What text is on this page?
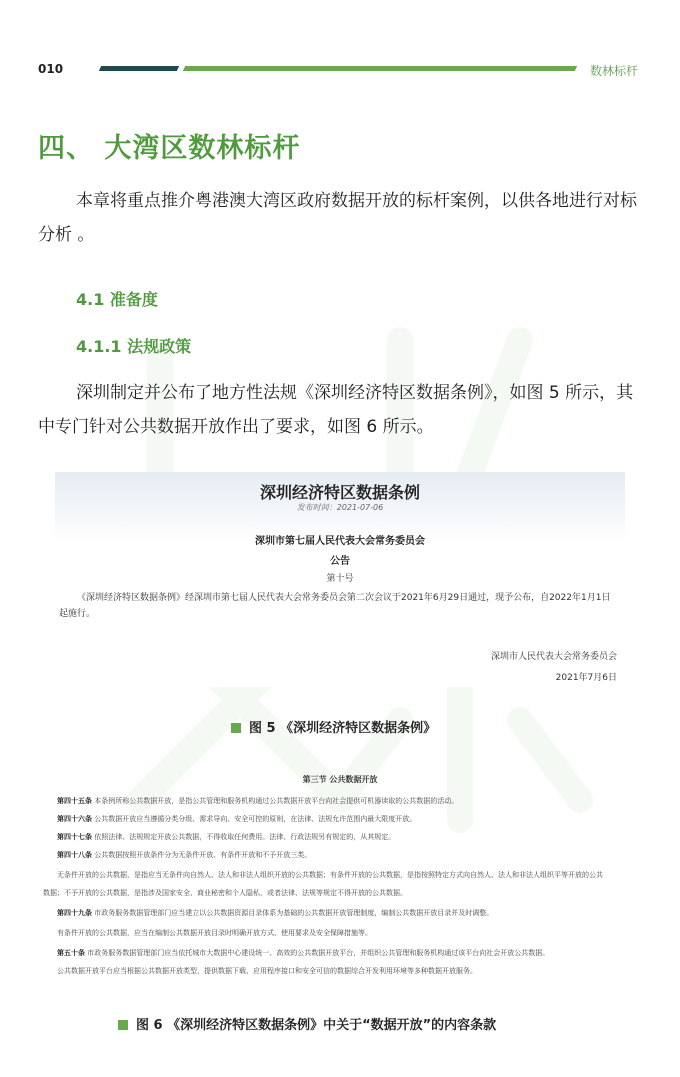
010	数林标杆
四、 大湾区数林标杆
本章将重点推介粤港澳大湾区政府数据开放的标杆案例，以供各地进行对标分析 。
4.1 准备度
4.1.1 法规政策
深圳制定并公布了地方性法规《深圳经济特区数据条例》，如图 5 所示，其中专门针对公共数据开放作出了要求，如图 6 所示。
深圳经济特区数据条例
发布时间：2021-07-06
深圳市第七届人民代表大会常务委员会
公告
第十号
《深圳经济特区数据条例》经深圳市第七届人民代表大会常务委员会第二次会议于2021年6月29日通过，现予公布，自2022年1月1日起施行。
深圳市人民代表大会常务委员会
2021年7月6日
图 5 《深圳经济特区数据条例》
第三节 公共数据开放
第四十五条 本条例所称公共数据开放，是指公共管理和服务机构通过公共数据开放平台向社会提供可机器读取的公共数据的活动。
第四十六条 公共数据开放应当遵循分类分级、需求导向、安全可控的原则，在法律、法规允许范围内最大限度开放。
第四十七条 依照法律、法规规定开放公共数据，不得收取任何费用。法律、行政法规另有规定的，从其规定。
第四十八条 公共数据按照开放条件分为无条件开放、有条件开放和不予开放三类。
无条件开放的公共数据，是指应当无条件向自然人、法人和非法人组织开放的公共数据；有条件开放的公共数据，是指按照特定方式向自然人、法人和非法人组织平等开放的公共
数据；不予开放的公共数据，是指涉及国家安全、商业秘密和个人隐私，或者法律、法规等规定不得开放的公共数据。
第四十九条 市政务服务数据管理部门应当建立以公共数据资源目录体系为基础的公共数据开放管理制度，编制公共数据开放目录并及时调整。
有条件开放的公共数据，应当在编制公共数据开放目录时明确开放方式、使用要求及安全保障措施等。
第五十条 市政务服务数据管理部门应当依托城市大数据中心建设统一、高效的公共数据开放平台，并组织公共管理和服务机构通过该平台向社会开放公共数据。
公共数据开放平台应当根据公共数据开放类型，提供数据下载、应用程序接口和安全可信的数据综合开发利用环境等多种数据开放服务。
图 6 《深圳经济特区数据条例》中关于“数据开放”的内容条款
